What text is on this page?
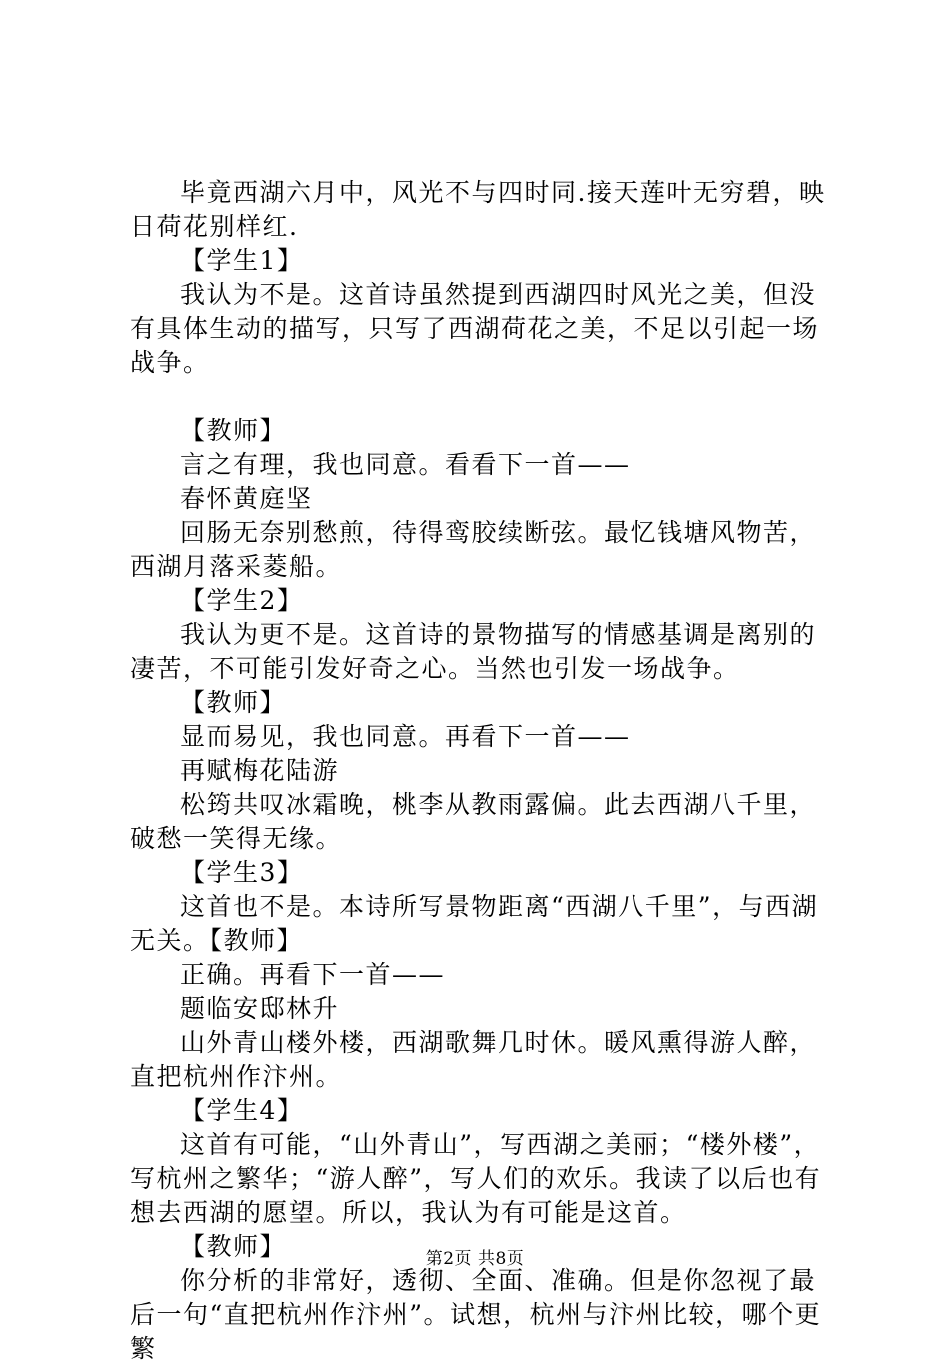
毕竟西湖六月中，风光不与四时同.接天莲叶无穷碧，映日荷花别样红.

【学生1】

我认为不是。这首诗虽然提到西湖四时风光之美，但没有具体生动的描写，只写了西湖荷花之美，不足以引起一场战争。

【教师】

言之有理，我也同意。看看下一首——

春怀黄庭坚

回肠无奈别愁煎，待得鸾胶续断弦。最忆钱塘风物苦，西湖月落采菱船。

【学生2】

我认为更不是。这首诗的景物描写的情感基调是离别的凄苦，不可能引发好奇之心。当然也引发一场战争。

【教师】

显而易见，我也同意。再看下一首——

再赋梅花陆游

松筠共叹冰霜晚，桃李从教雨露偏。此去西湖八千里，破愁一笑得无缘。

【学生3】

这首也不是。本诗所写景物距离“西湖八千里”，与西湖无关。【教师】

正确。再看下一首——

题临安邸林升

山外青山楼外楼，西湖歌舞几时休。暖风熏得游人醉，直把杭州作汴州。

【学生4】

这首有可能，“山外青山”，写西湖之美丽；“楼外楼”，写杭州之繁华；“游人醉”，写人们的欢乐。我读了以后也有想去西湖的愿望。所以，我认为有可能是这首。

【教师】

你分析的非常好，透彻、全面、准确。但是你忽视了最后一句“直把杭州作汴州”。试想，杭州与汴州比较，哪个更繁

第2页 共8页
